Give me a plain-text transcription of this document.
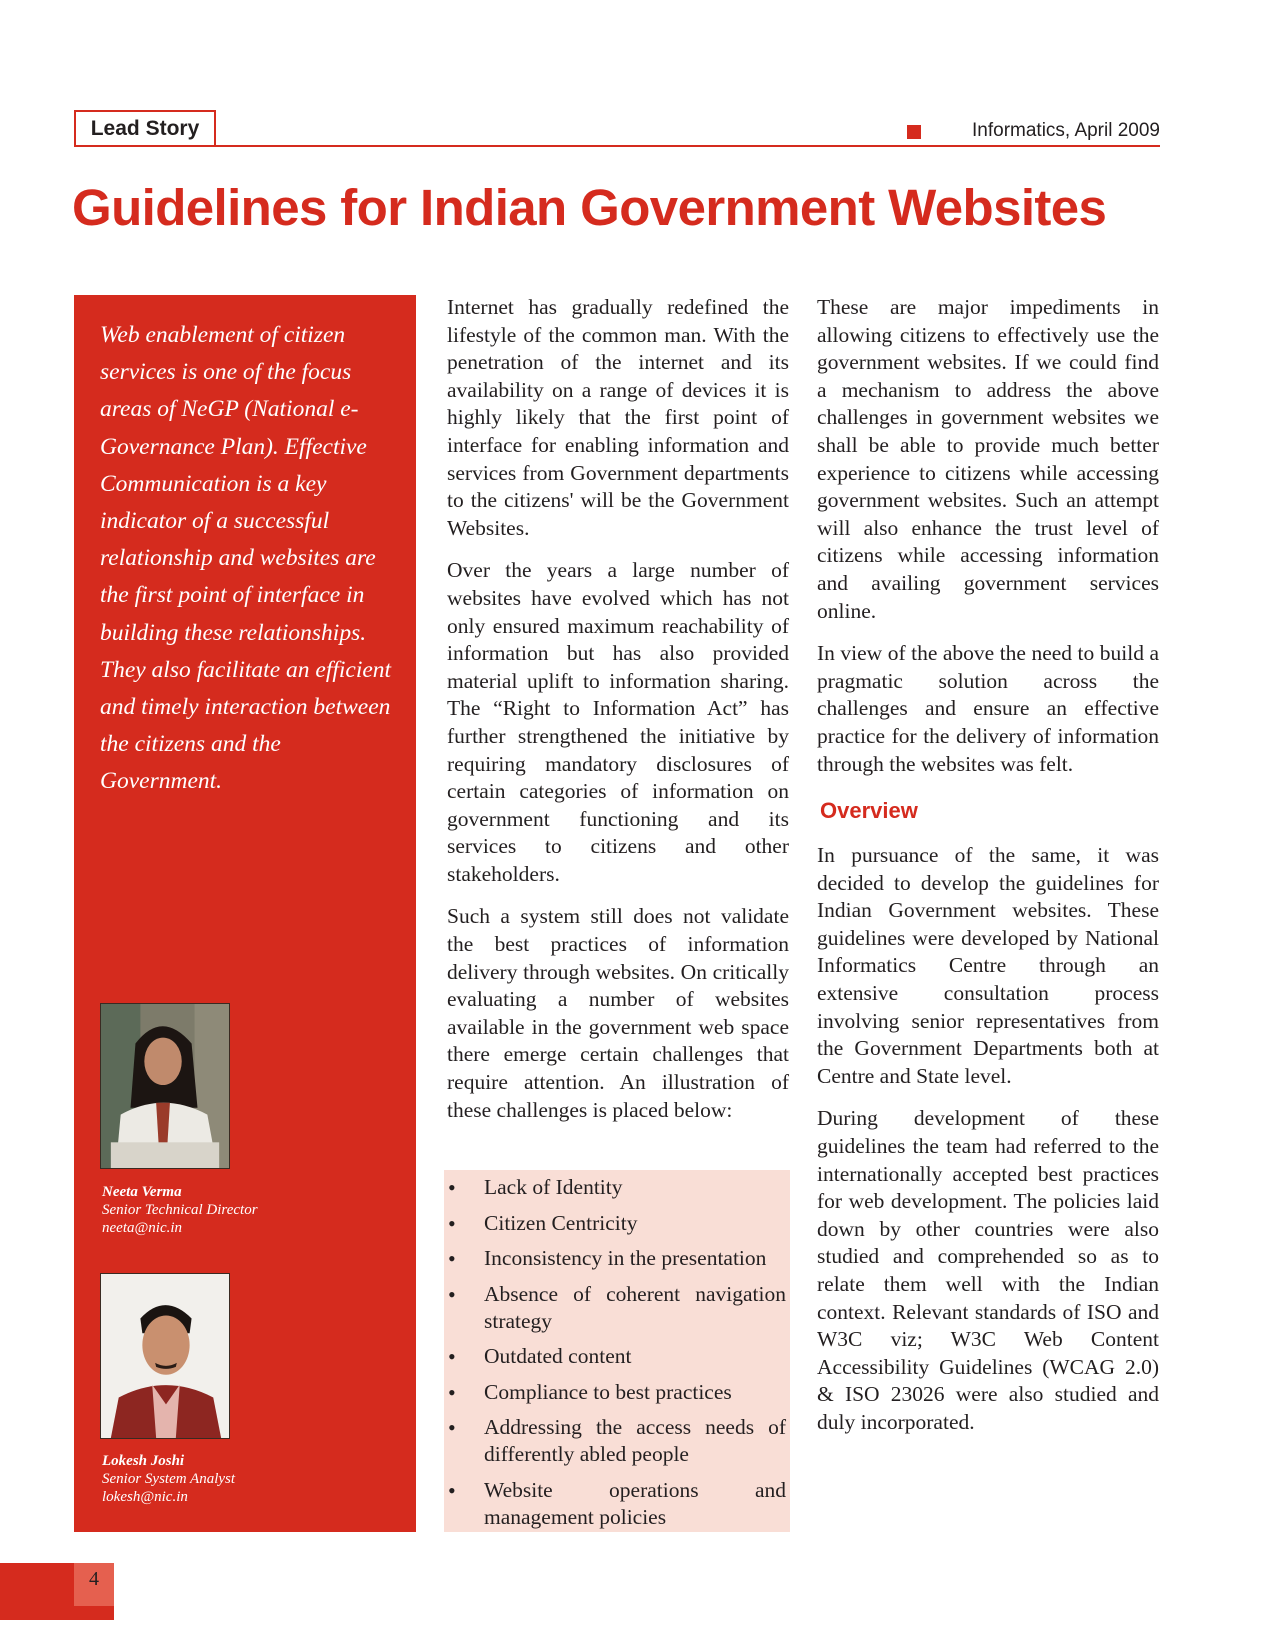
Lead Story	Informatics, April 2009
Guidelines for Indian Government Websites

Web enablement of citizen services is one of the focus areas of NeGP (National e-Governance Plan). Effective Communication is a key indicator of a successful relationship and websites are the first point of interface in building these relationships. They also facilitate an efficient and timely interaction between the citizens and the Government.

Neeta Verma
Senior Technical Director
neeta@nic.in
Lokesh Joshi
Senior System Analyst
lokesh@nic.in

Internet has gradually redefined the lifestyle of the common man. With the penetration of the internet and its availability on a range of devices it is highly likely that the first point of interface for enabling information and services from Government departments to the citizens' will be the Government Websites.

Over the years a large number of websites have evolved which has not only ensured maximum reachability of information but has also provided material uplift to information sharing. The “Right to Information Act” has further strengthened the initiative by requiring mandatory disclosures of certain categories of information on government functioning and its services to citizens and other stakeholders.

Such a system still does not validate the best practices of information delivery through websites. On critically evaluating a number of websites available in the government web space there emerge certain challenges that require attention. An illustration of these challenges is placed below:

• Lack of Identity
• Citizen Centricity
• Inconsistency in the presentation
• Absence of coherent navigation strategy
• Outdated content
• Compliance to best practices
• Addressing the access needs of differently abled people
• Website operations and management policies

These are major impediments in allowing citizens to effectively use the government websites. If we could find a mechanism to address the above challenges in government websites we shall be able to provide much better experience to citizens while accessing government websites. Such an attempt will also enhance the trust level of citizens while accessing information and availing government services online.

In view of the above the need to build a pragmatic solution across the challenges and ensure an effective practice for the delivery of information through the websites was felt.

Overview

In pursuance of the same, it was decided to develop the guidelines for Indian Government websites. These guidelines were developed by National Informatics Centre through an extensive consultation process involving senior representatives from the Government Departments both at Centre and State level.

During development of these guidelines the team had referred to the internationally accepted best practices for web development. The policies laid down by other countries were also studied and comprehended so as to relate them well with the Indian context. Relevant standards of ISO and W3C viz; W3C Web Content Accessibility Guidelines (WCAG 2.0) & ISO 23026 were also studied and duly incorporated.

4
